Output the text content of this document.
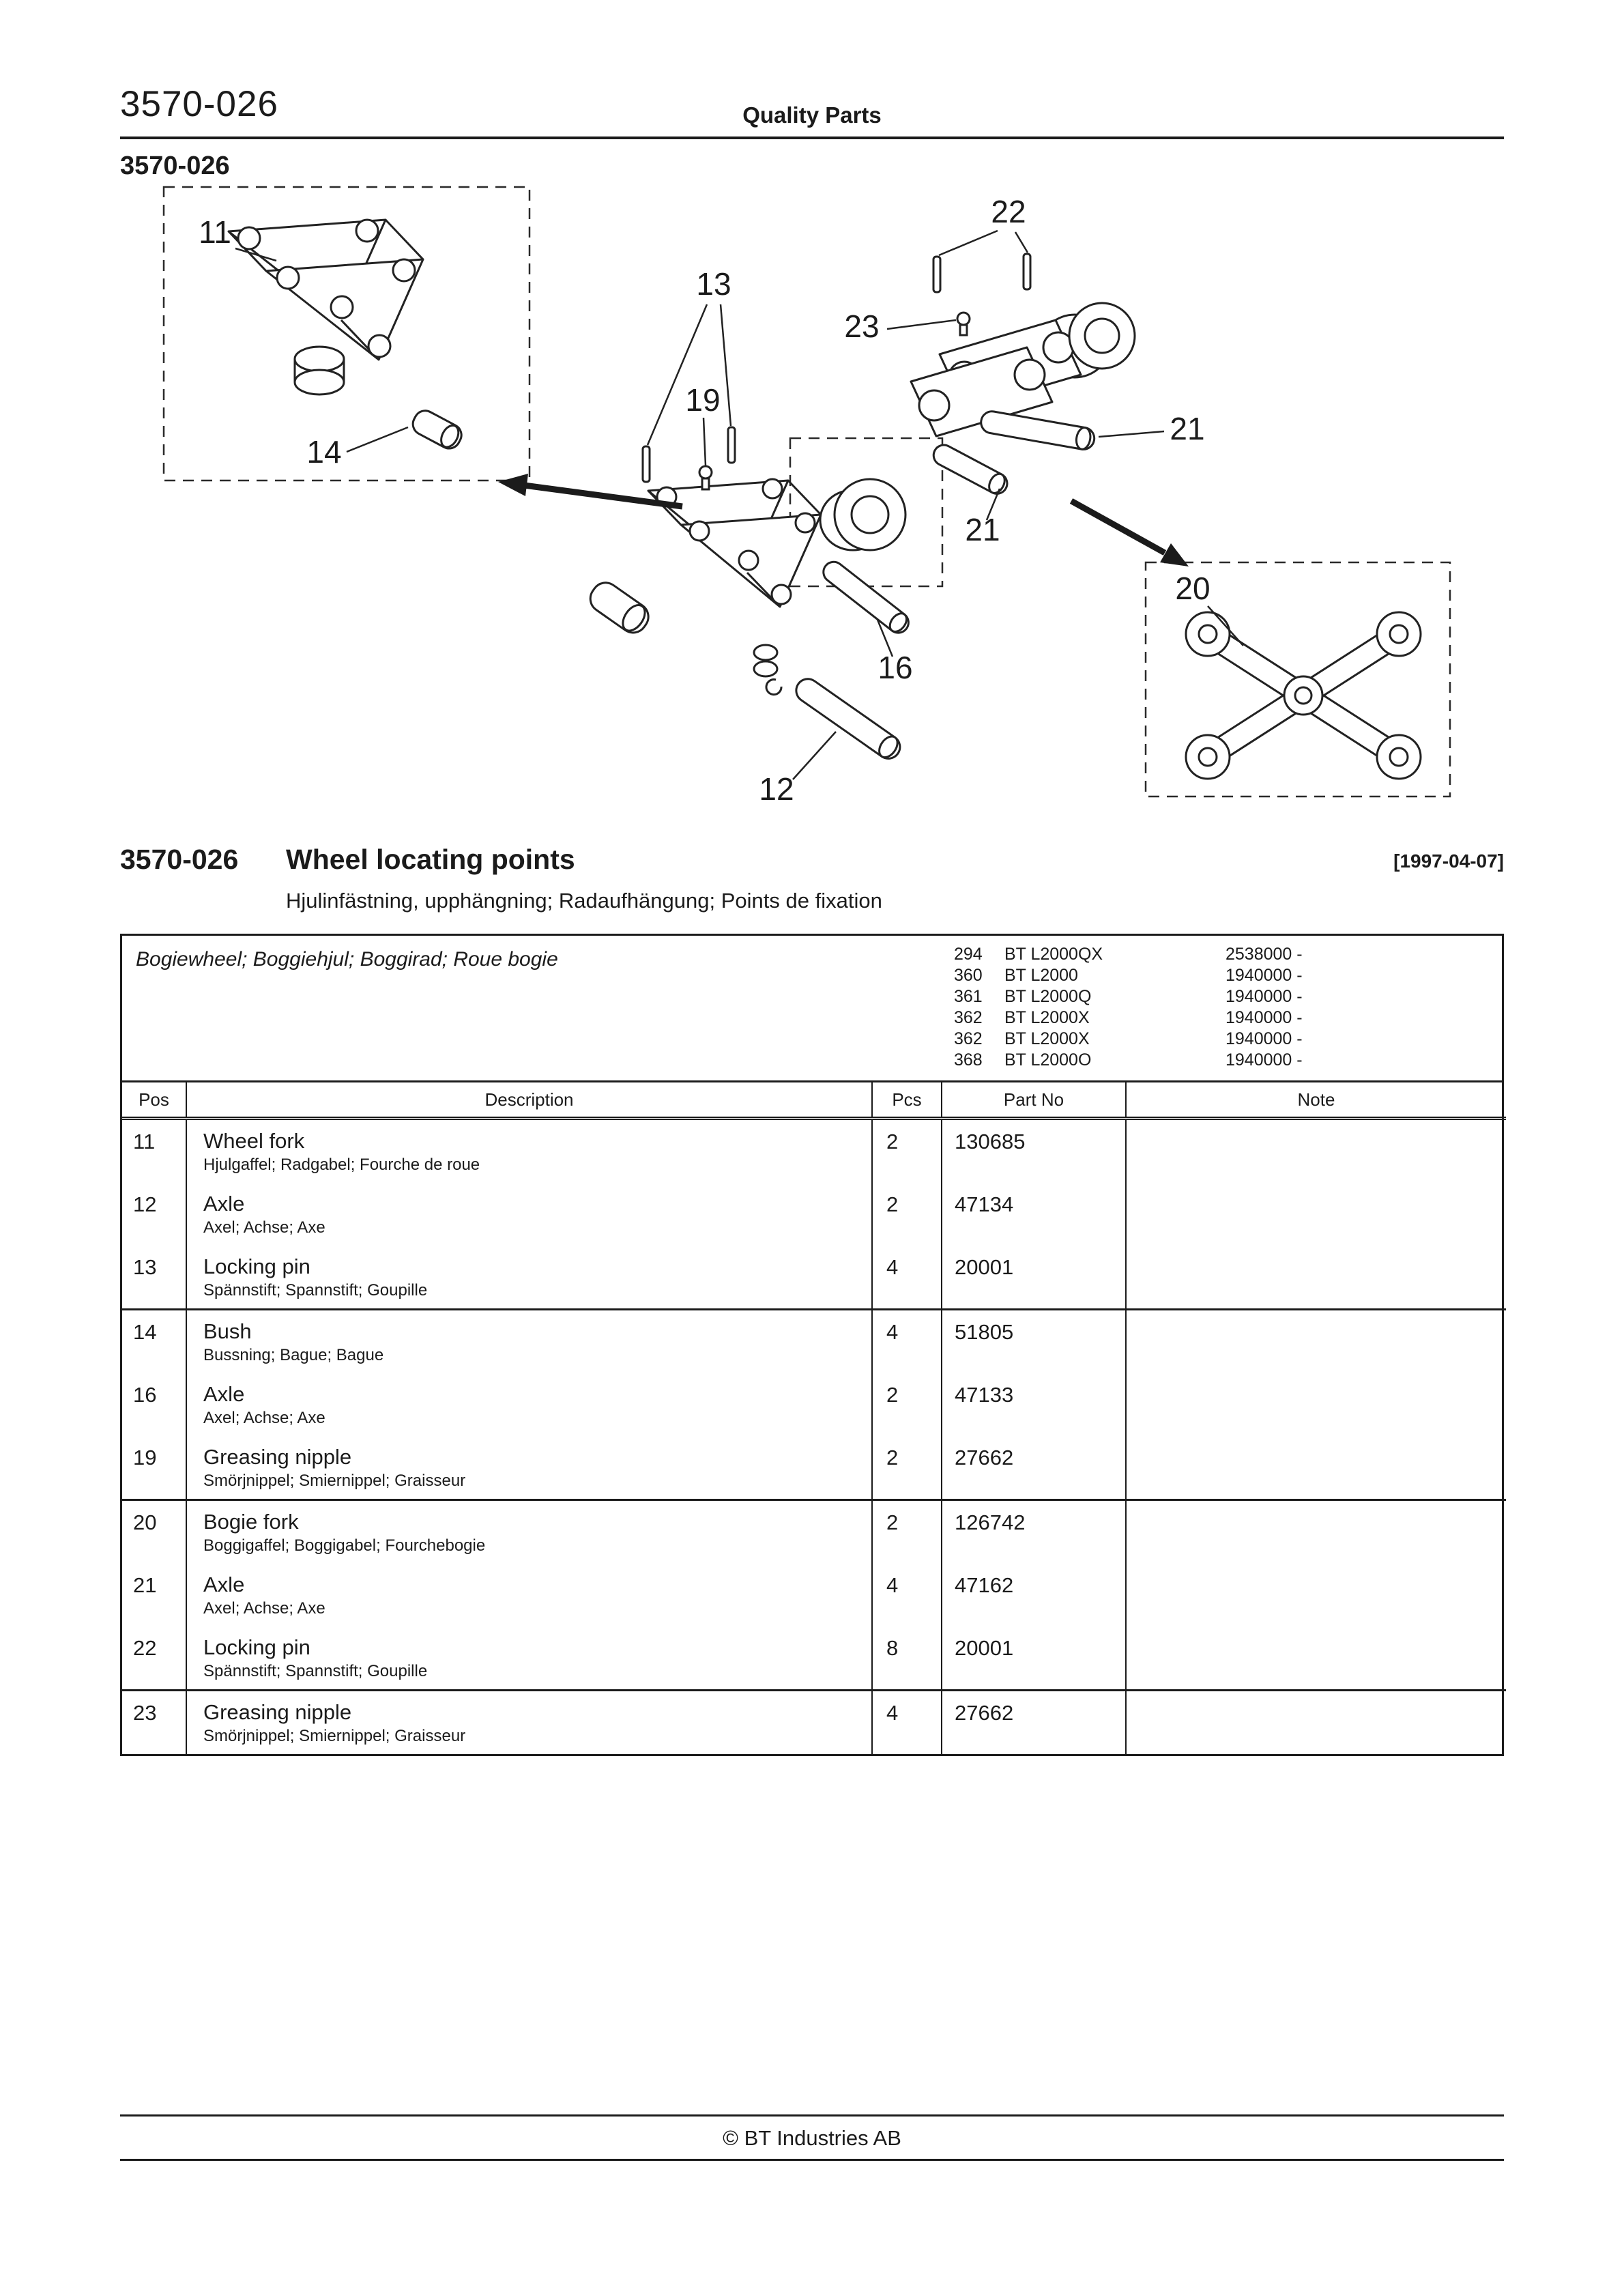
3570-026	Quality Parts
3570-026
11
14
13
19
22
23
21
21
16
12
20
3570-026 Wheel locating points	[1997-04-07]
Hjulinfästning, upphängning; Radaufhängung; Points de fixation
Bogiewheel; Boggiehjul; Boggirad; Roue bogie	294	BT L2000QX	2538000 -
360	BT L2000	1940000 -
361	BT L2000Q	1940000 -
362	BT L2000X	1940000 -
362	BT L2000X	1940000 -
368	BT L2000O	1940000 -
Pos	Description	Pcs	Part No	Note
11	Wheel fork
Hjulgaffel; Radgabel; Fourche de roue	2	130685	
12	Axle
Axel; Achse; Axe	2	47134	
13	Locking pin
Spännstift; Spannstift; Goupille	4	20001	
14	Bush
Bussning; Bague; Bague	4	51805	
16	Axle
Axel; Achse; Axe	2	47133	
19	Greasing nipple
Smörjnippel; Smiernippel; Graisseur	2	27662	
20	Bogie fork
Boggigaffel; Boggigabel; Fourchebogie	2	126742	
21	Axle
Axel; Achse; Axe	4	47162	
22	Locking pin
Spännstift; Spannstift; Goupille	8	20001	
23	Greasing nipple
Smörjnippel; Smiernippel; Graisseur	4	27662	
© BT Industries AB
